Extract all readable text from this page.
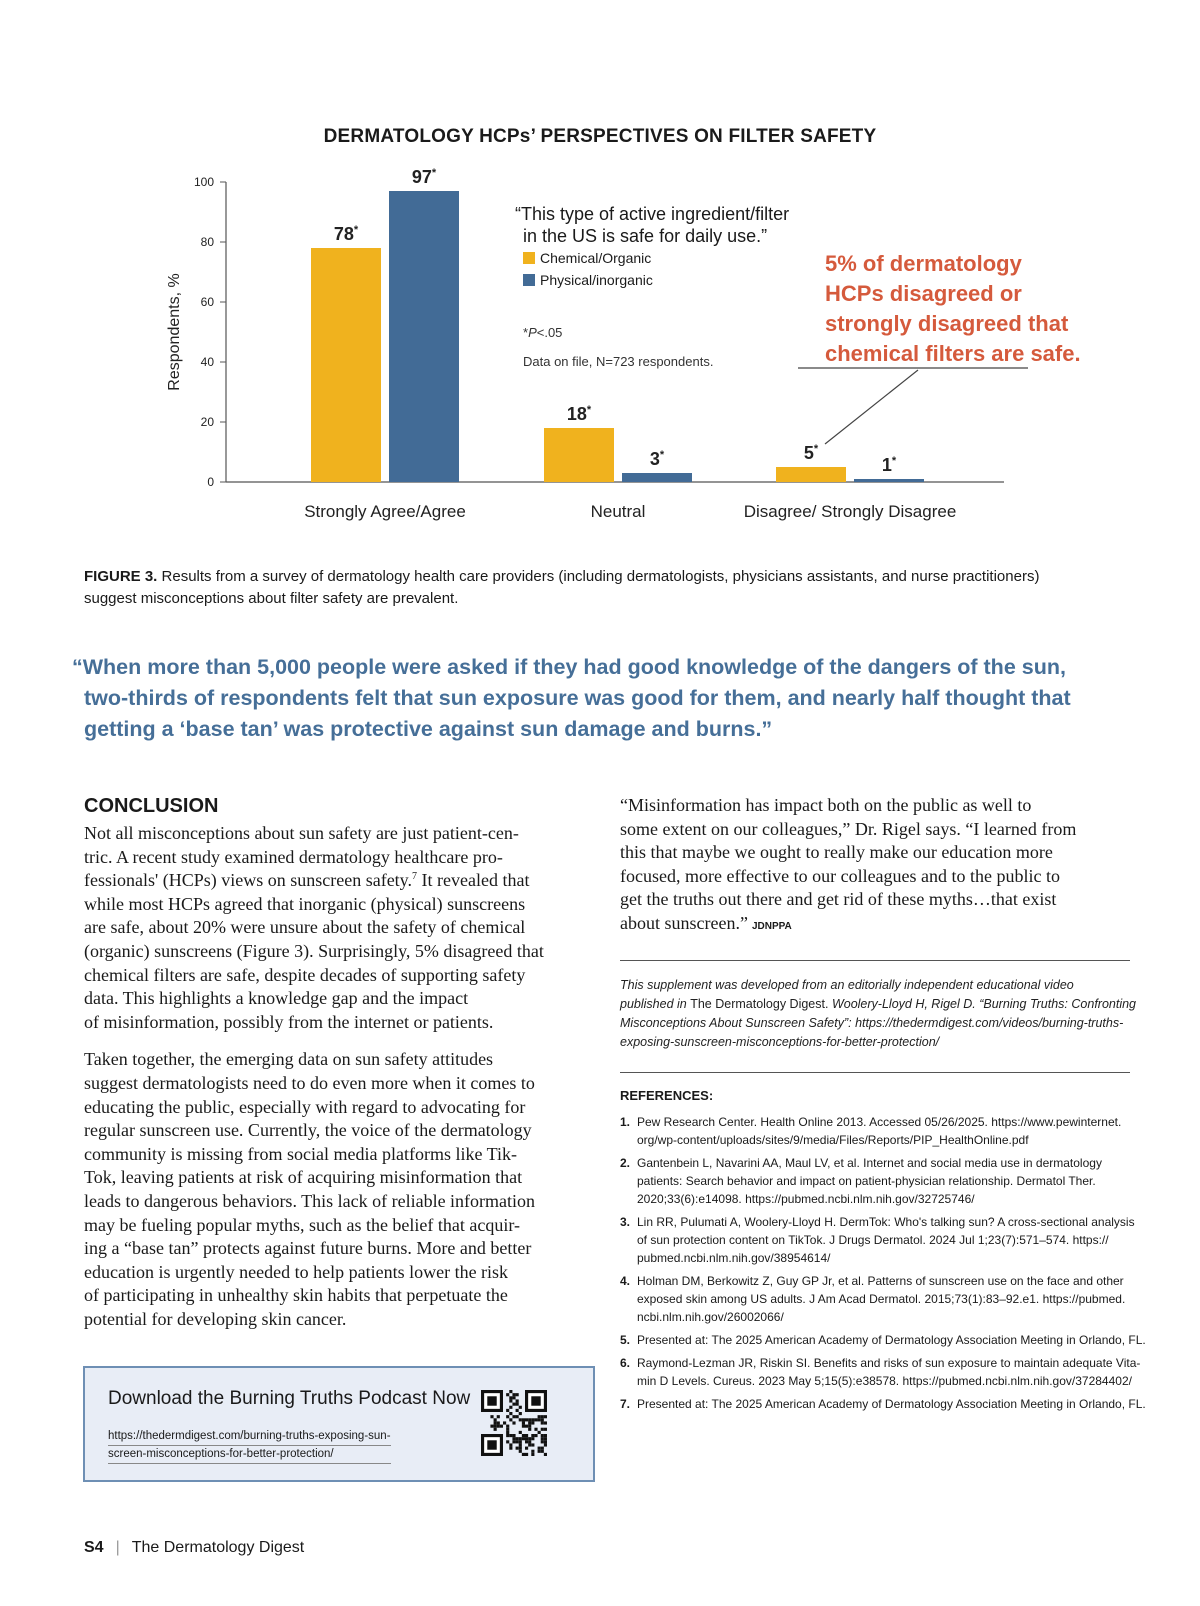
DERMATOLOGY HCPs’ PERSPECTIVES ON FILTER SAFETY
Respondents, %
0
20
40
60
80
100
78*
97*
Strongly Agree/Agree
18*
3*
Neutral
5*
1*
Disagree/ Strongly Disagree
“This type of active ingredient/filter
in the US is safe for daily use.”
Chemical/Organic
Physical/inorganic
*P<.05
Data on file, N=723 respondents.
5% of dermatology HCPs disagreed or strongly disagreed that chemical filters are safe.
FIGURE 3. Results from a survey of dermatology health care providers (including dermatologists, physicians assistants, and nurse practitioners)
suggest misconceptions about filter safety are prevalent.
“When more than 5,000 people were asked if they had good knowledge of the dangers of the sun,
two-thirds of respondents felt that sun exposure was good for them, and nearly half thought that
getting a ‘base tan’ was protective against sun damage and burns.”
CONCLUSION
Not all misconceptions about sun safety are just patient-cen-
tric. A recent study examined dermatology healthcare pro-
fessionals' (HCPs) views on sunscreen safety.$^7$ It revealed that
while most HCPs agreed that inorganic (physical) sunscreens
are safe, about 20% were unsure about the safety of chemical
(organic) sunscreens (Figure 3). Surprisingly, 5% disagreed that
chemical filters are safe, despite decades of supporting safety
data. This highlights a knowledge gap and the impact
of misinformation, possibly from the internet or patients.
Taken together, the emerging data on sun safety attitudes
suggest dermatologists need to do even more when it comes to
educating the public, especially with regard to advocating for
regular sunscreen use. Currently, the voice of the dermatology
community is missing from social media platforms like Tik-
Tok, leaving patients at risk of acquiring misinformation that
leads to dangerous behaviors. This lack of reliable information
may be fueling popular myths, such as the belief that acquir-
ing a “base tan” protects against future burns. More and better
education is urgently needed to help patients lower the risk
of participating in unhealthy skin habits that perpetuate the
potential for developing skin cancer.
“Misinformation has impact both on the public as well to
some extent on our colleagues,” Dr. Rigel says. “I learned from
this that maybe we ought to really make our education more
focused, more effective to our colleagues and to the public to
get the truths out there and get rid of these myths…that exist
about sunscreen.” JDNPPA
This supplement was developed from an editorially independent educational video
published in The Dermatology Digest. Woolery-Lloyd H, Rigel D. “Burning Truths: Confronting
Misconceptions About Sunscreen Safety”: https://thedermdigest.com/videos/burning-truths-
exposing-sunscreen-misconceptions-for-better-protection/
REFERENCES:
1. Pew Research Center. Health Online 2013. Accessed 05/26/2025. https://www.pewinternet.
org/wp-content/uploads/sites/9/media/Files/Reports/PIP_HealthOnline.pdf
2. Gantenbein L, Navarini AA, Maul LV, et al. Internet and social media use in dermatology
patients: Search behavior and impact on patient-physician relationship. Dermatol Ther.
2020;33(6):e14098. https://pubmed.ncbi.nlm.nih.gov/32725746/
3. Lin RR, Pulumati A, Woolery-Lloyd H. DermTok: Who's talking sun? A cross-sectional analysis
of sun protection content on TikTok. J Drugs Dermatol. 2024 Jul 1;23(7):571–574. https://
pubmed.ncbi.nlm.nih.gov/38954614/
4. Holman DM, Berkowitz Z, Guy GP Jr, et al. Patterns of sunscreen use on the face and other
exposed skin among US adults. J Am Acad Dermatol. 2015;73(1):83–92.e1. https://pubmed.
ncbi.nlm.nih.gov/26002066/
5. Presented at: The 2025 American Academy of Dermatology Association Meeting in Orlando, FL.
6. Raymond-Lezman JR, Riskin SI. Benefits and risks of sun exposure to maintain adequate Vita-
min D Levels. Cureus. 2023 May 5;15(5):e38578. https://pubmed.ncbi.nlm.nih.gov/37284402/
7. Presented at: The 2025 American Academy of Dermatology Association Meeting in Orlando, FL.
Download the Burning Truths Podcast Now
https://thedermdigest.com/burning-truths-exposing-sun-
screen-misconceptions-for-better-protection/
S4 | The Dermatology Digest
